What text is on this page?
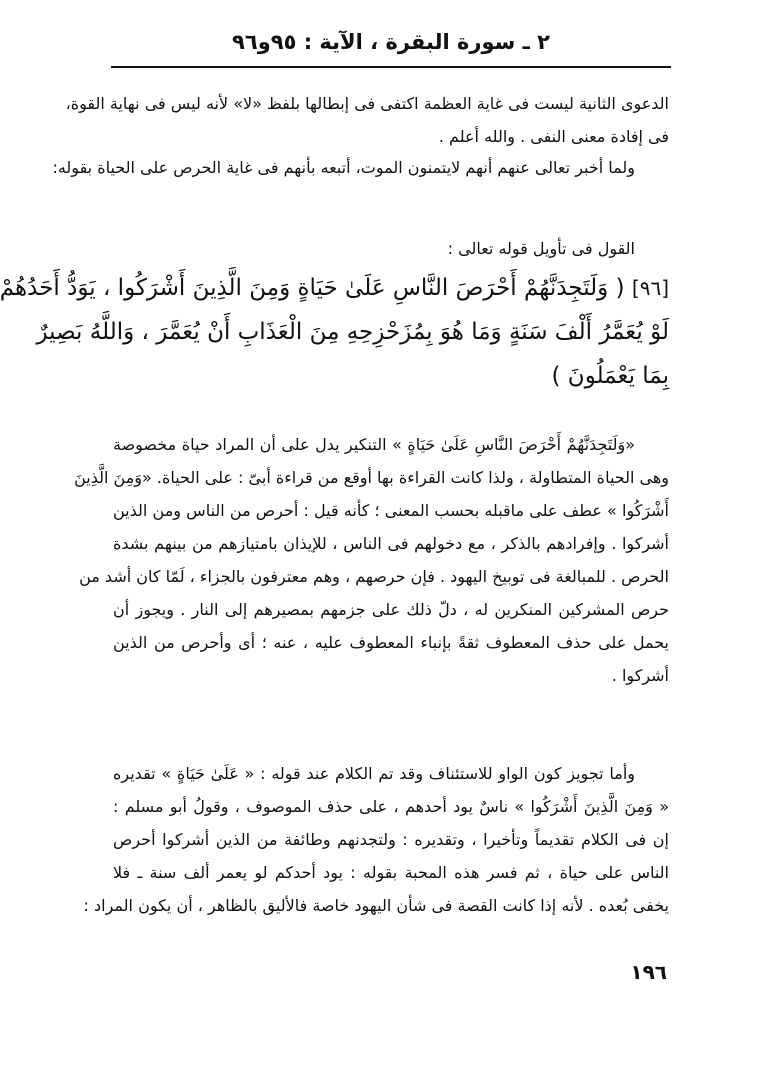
٢ ـ سورة البقرة ، الآية : ٩٥و٩٦
الدعوى الثانية ليست فى غاية العظمة اكتفى فى إبطالها بلفظ «لا» لأنه ليس فى نهاية القوة،
فى إفادة معنى النفى . والله أعلم .
ولما أخبر تعالى عنهم أنهم لايتمنون الموت، أتبعه بأنهم فى غاية الحرص على الحياة بقوله:
القول فى تأويل قوله تعالى :
[٩٦] ( وَلَتَجِدَنَّهُمْ أَحْرَصَ النَّاسِ عَلَىٰ حَيَاةٍ وَمِنَ الَّذِينَ أَشْرَكُوا ، يَوَدُّ أَحَدُهُمْ
لَوْ يُعَمَّرُ أَلْفَ سَنَةٍ وَمَا هُوَ بِمُزَحْزِحِهِ مِنَ الْعَذَابِ أَنْ يُعَمَّرَ ، وَاللَّهُ بَصِيرٌ
بِمَا يَعْمَلُونَ )
«وَلَتَجِدَنَّهُمْ أَحْرَصَ النَّاسِ عَلَىٰ حَيَاةٍ » التنكير يدل على أن المراد حياة مخصوصة
وهى الحياة المتطاولة ، ولذا كانت القراءة بها أوقع من قراءة أبىّ : على الحياة. «وَمِنَ الَّذِينَ
أَشْرَكُوا » عطف على ماقبله بحسب المعنى ؛ كأنه قيل : أحرص من الناس ومن الذين
أشركوا . وإفرادهم بالذكر ، مع دخولهم فى الناس ، للإيذان بامتيازهم من بينهم بشدة
الحرص . للمبالغة فى توبيخ اليهود . فإن حرصهم ، وهم معترفون بالجزاء ، لَمّا كان أشد من
حرص المشركين المنكرين له ، دلّ ذلك على جزمهم بمصيرهم إلى النار . ويجوز أن
يحمل على حذف المعطوف ثقةً بإنباء المعطوف عليه ، عنه ؛ أى وأحرص من الذين
أشركوا .
وأما تجويز كون الواو للاستئناف وقد تم الكلام عند قوله : « عَلَىٰ حَيَاةٍ » تقديره
« وَمِنَ الَّذِينَ أَشْرَكُوا » ناسٌ يود أحدهم ، على حذف الموصوف ، وقولُ أبو مسلم :
إن فى الكلام تقديماً وتأخيرا ، وتقديره : ولتجدنهم وطائفة من الذين أشركوا أحرص
الناس على حياة ، ثم فسر هذه المحبة بقوله : يود أحدكم لو يعمر ألف سنة ـ فلا
يخفى بُعده . لأنه إذا كانت القصة فى شأن اليهود خاصة فالأليق بالظاهر ، أن يكون المراد :
١٩٦
